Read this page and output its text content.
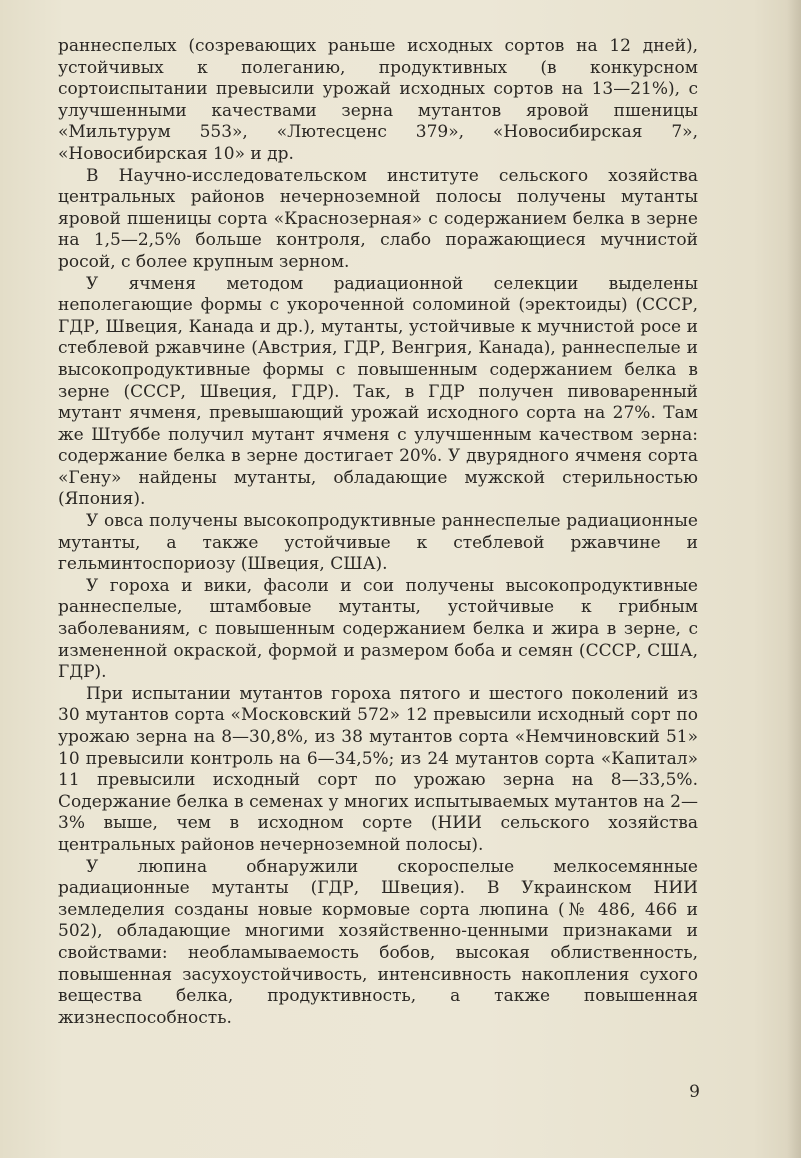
раннеспелых (созревающих раньше исходных сортов на 12 дней), устойчивых к полеганию, продуктивных (в конкурсном сортоиспытании превысили урожай исходных сортов на 13—21%), с улучшенными качествами зерна мутантов яровой пшеницы «Мильтурум 553», «Лютесценс 379», «Новосибирская 7», «Новосибирская 10» и др.

В Научно-исследовательском институте сельского хозяйства центральных районов нечерноземной полосы получены мутанты яровой пшеницы сорта «Краснозерная» с содержанием белка в зерне на 1,5—2,5% больше контроля, слабо поражающиеся мучнистой росой, с более крупным зерном.

У ячменя методом радиационной селекции выделены неполегающие формы с укороченной соломиной (эректоиды) (СССР, ГДР, Швеция, Канада и др.), мутанты, устойчивые к мучнистой росе и стеблевой ржавчине (Австрия, ГДР, Венгрия, Канада), раннеспелые и высокопродуктивные формы с повышенным содержанием белка в зерне (СССР, Швеция, ГДР). Так, в ГДР получен пивоваренный мутант ячменя, превышающий урожай исходного сорта на 27%. Там же Штуббе получил мутант ячменя с улучшенным качеством зерна: содержание белка в зерне достигает 20%. У двурядного ячменя сорта «Гену» найдены мутанты, обладающие мужской стерильностью (Япония).

У овса получены высокопродуктивные раннеспелые радиационные мутанты, а также устойчивые к стеблевой ржавчине и гельминтоспориозу (Швеция, США).

У гороха и вики, фасоли и сои получены высокопродуктивные раннеспелые, штамбовые мутанты, устойчивые к грибным заболеваниям, с повышенным содержанием белка и жира в зерне, с измененной окраской, формой и размером боба и семян (СССР, США, ГДР).

При испытании мутантов гороха пятого и шестого поколений из 30 мутантов сорта «Московский 572» 12 превысили исходный сорт по урожаю зерна на 8—30,8%, из 38 мутантов сорта «Немчиновский 51» 10 превысили контроль на 6—34,5%; из 24 мутантов сорта «Капитал» 11 превысили исходный сорт по урожаю зерна на 8—33,5%. Содержание белка в семенах у многих испытываемых мутантов на 2—3% выше, чем в исходном сорте (НИИ сельского хозяйства центральных районов нечерноземной полосы).

У люпина обнаружили скороспелые мелкосемянные радиационные мутанты (ГДР, Швеция). В Украинском НИИ земледелия созданы новые кормовые сорта люпина (№ 486, 466 и 502), обладающие многими хозяйственно-ценными признаками и свойствами: необламываемость бобов, высокая облиственность, повышенная засухоустойчивость, интенсивность накопления сухого вещества белка, продуктивность, а также повышенная жизнеспособность.

9
